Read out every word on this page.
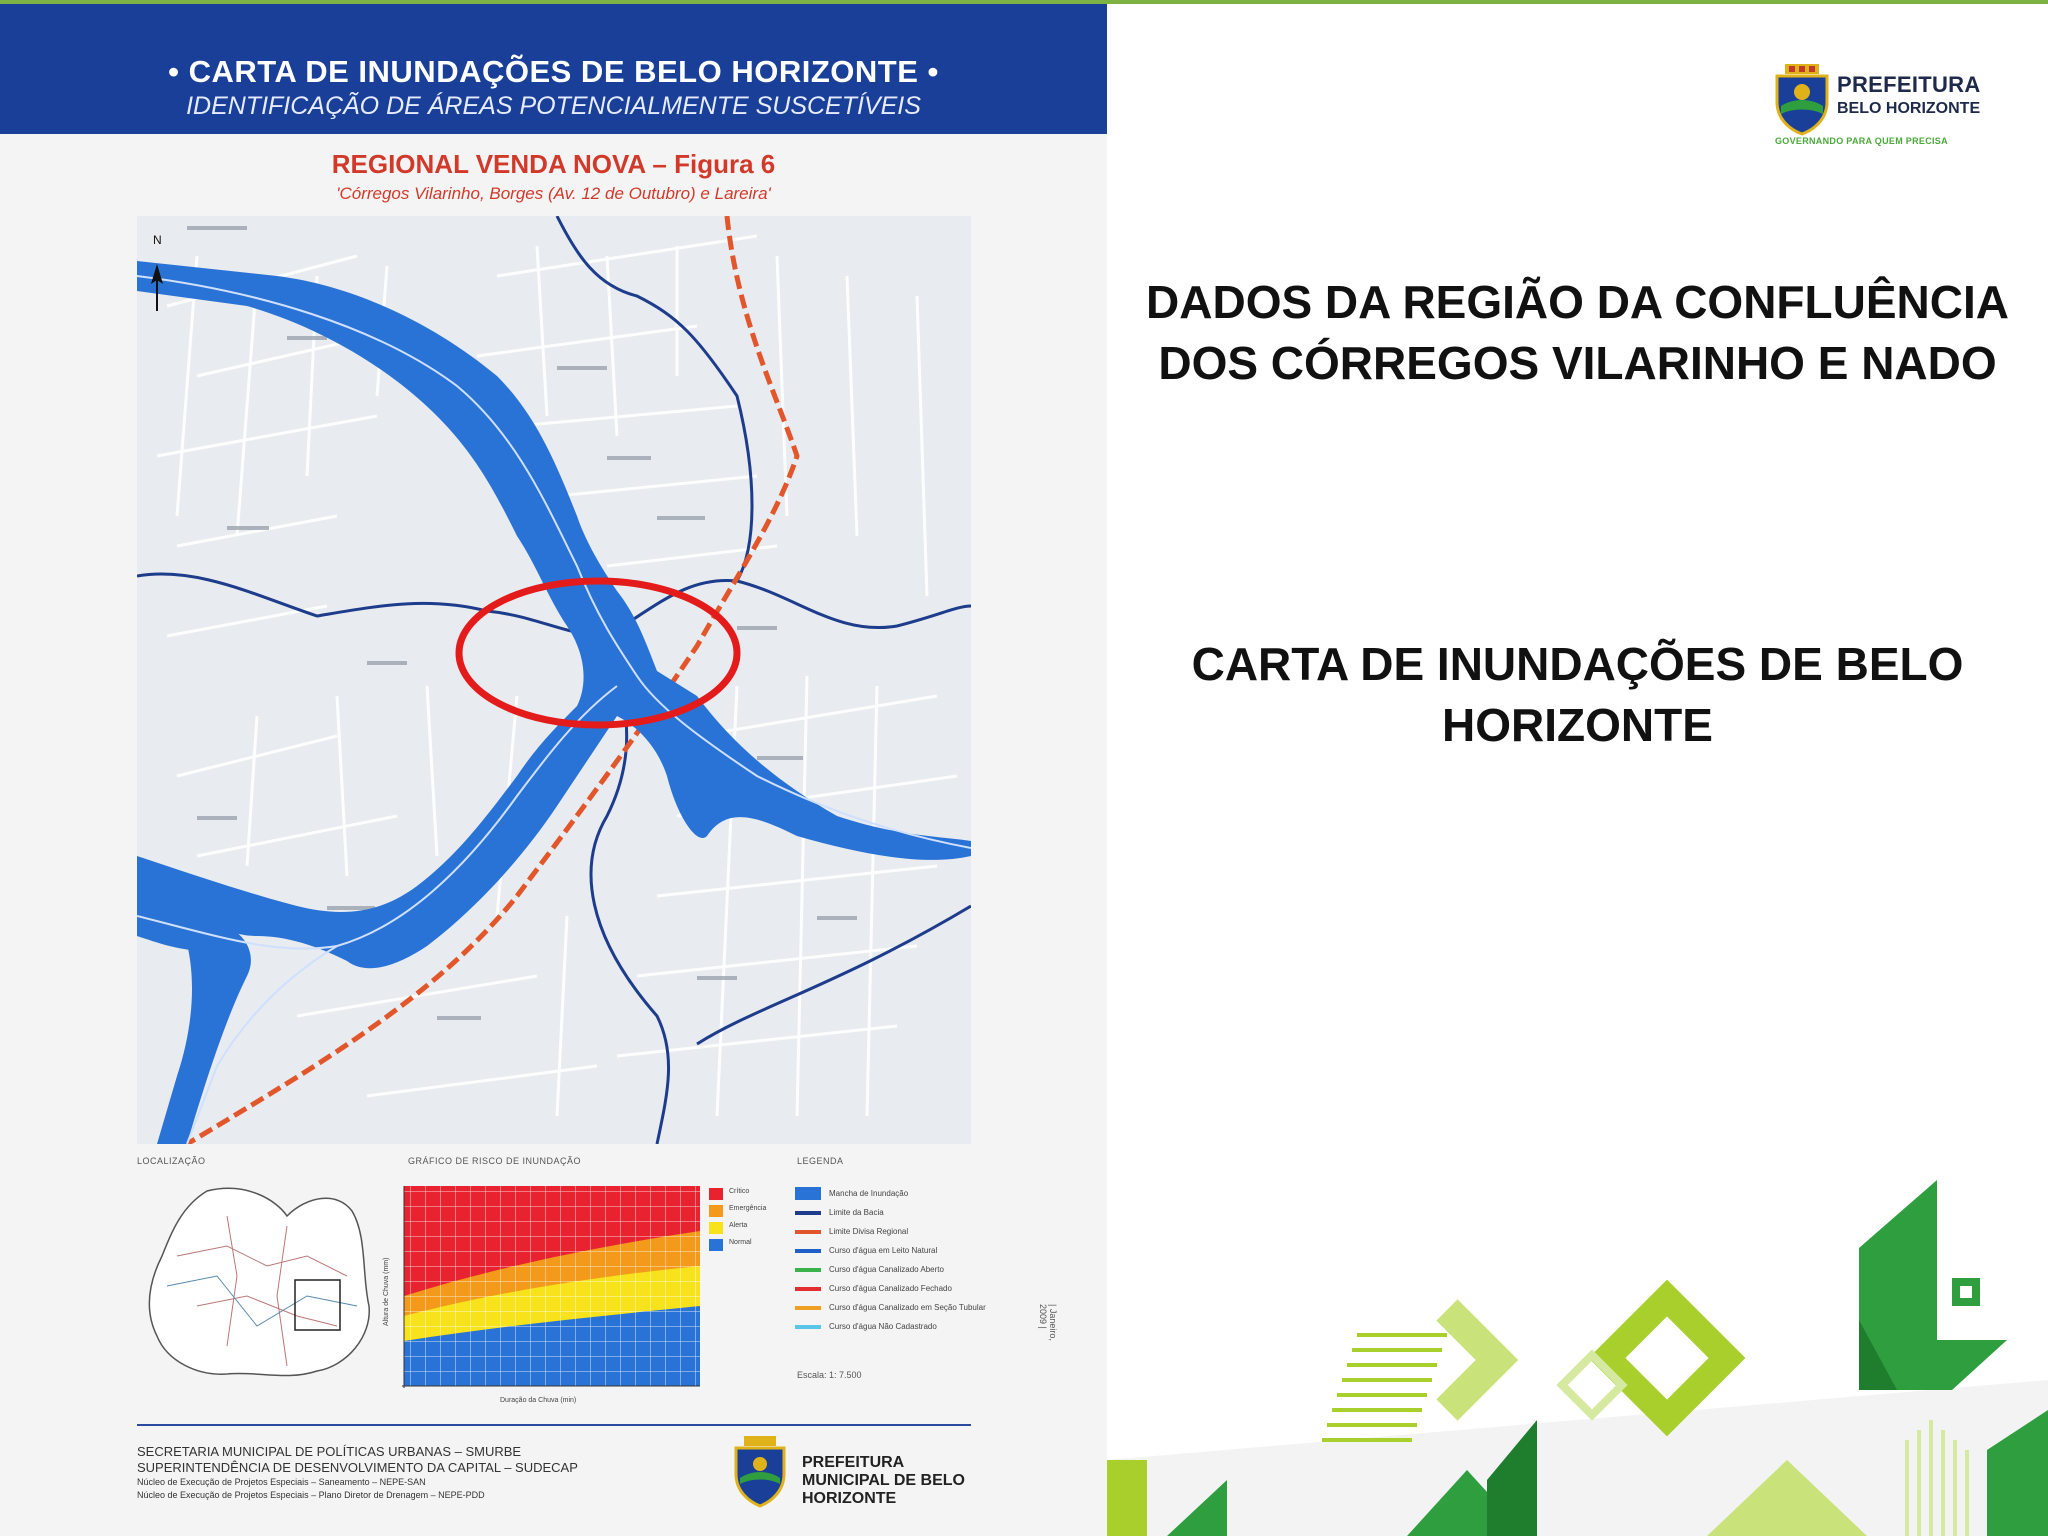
• CARTA DE INUNDAÇÕES DE BELO HORIZONTE •
IDENTIFICAÇÃO DE ÁREAS POTENCIALMENTE SUSCETÍVEIS
REGIONAL VENDA NOVA – Figura 6
'Córregos Vilarinho, Borges (Av. 12 de Outubro) e Lareira'
N
LOCALIZAÇÃO	GRÁFICO DE RISCO DE INUNDAÇÃO	LEGENDA
Altura de Chuva (mm)
Duração da Chuva (min)
Crítico
Emergência
Alerta
Normal
Mancha de Inundação
Limite da Bacia
Limite Divisa Regional
Curso d'água em Leito Natural
Curso d'água Canalizado Aberto
Curso d'água Canalizado Fechado
Curso d'água Canalizado em Seção Tubular
Curso d'água Não Cadastrado
Escala: 1: 7.500
| Janeiro, 2009 |
SECRETARIA MUNICIPAL DE POLÍTICAS URBANAS – SMURBE
SUPERINTENDÊNCIA DE DESENVOLVIMENTO DA CAPITAL – SUDECAP
Núcleo de Execução de Projetos Especiais – Saneamento – NEPE-SAN
Núcleo de Execução de Projetos Especiais – Plano Diretor de Drenagem – NEPE-PDD
PREFEITURA MUNICIPAL DE BELO HORIZONTE
PREFEITURA
BELO HORIZONTE
GOVERNANDO PARA QUEM PRECISA
DADOS DA REGIÃO DA CONFLUÊNCIA DOS CÓRREGOS VILARINHO E NADO
CARTA DE INUNDAÇÕES DE BELO HORIZONTE
